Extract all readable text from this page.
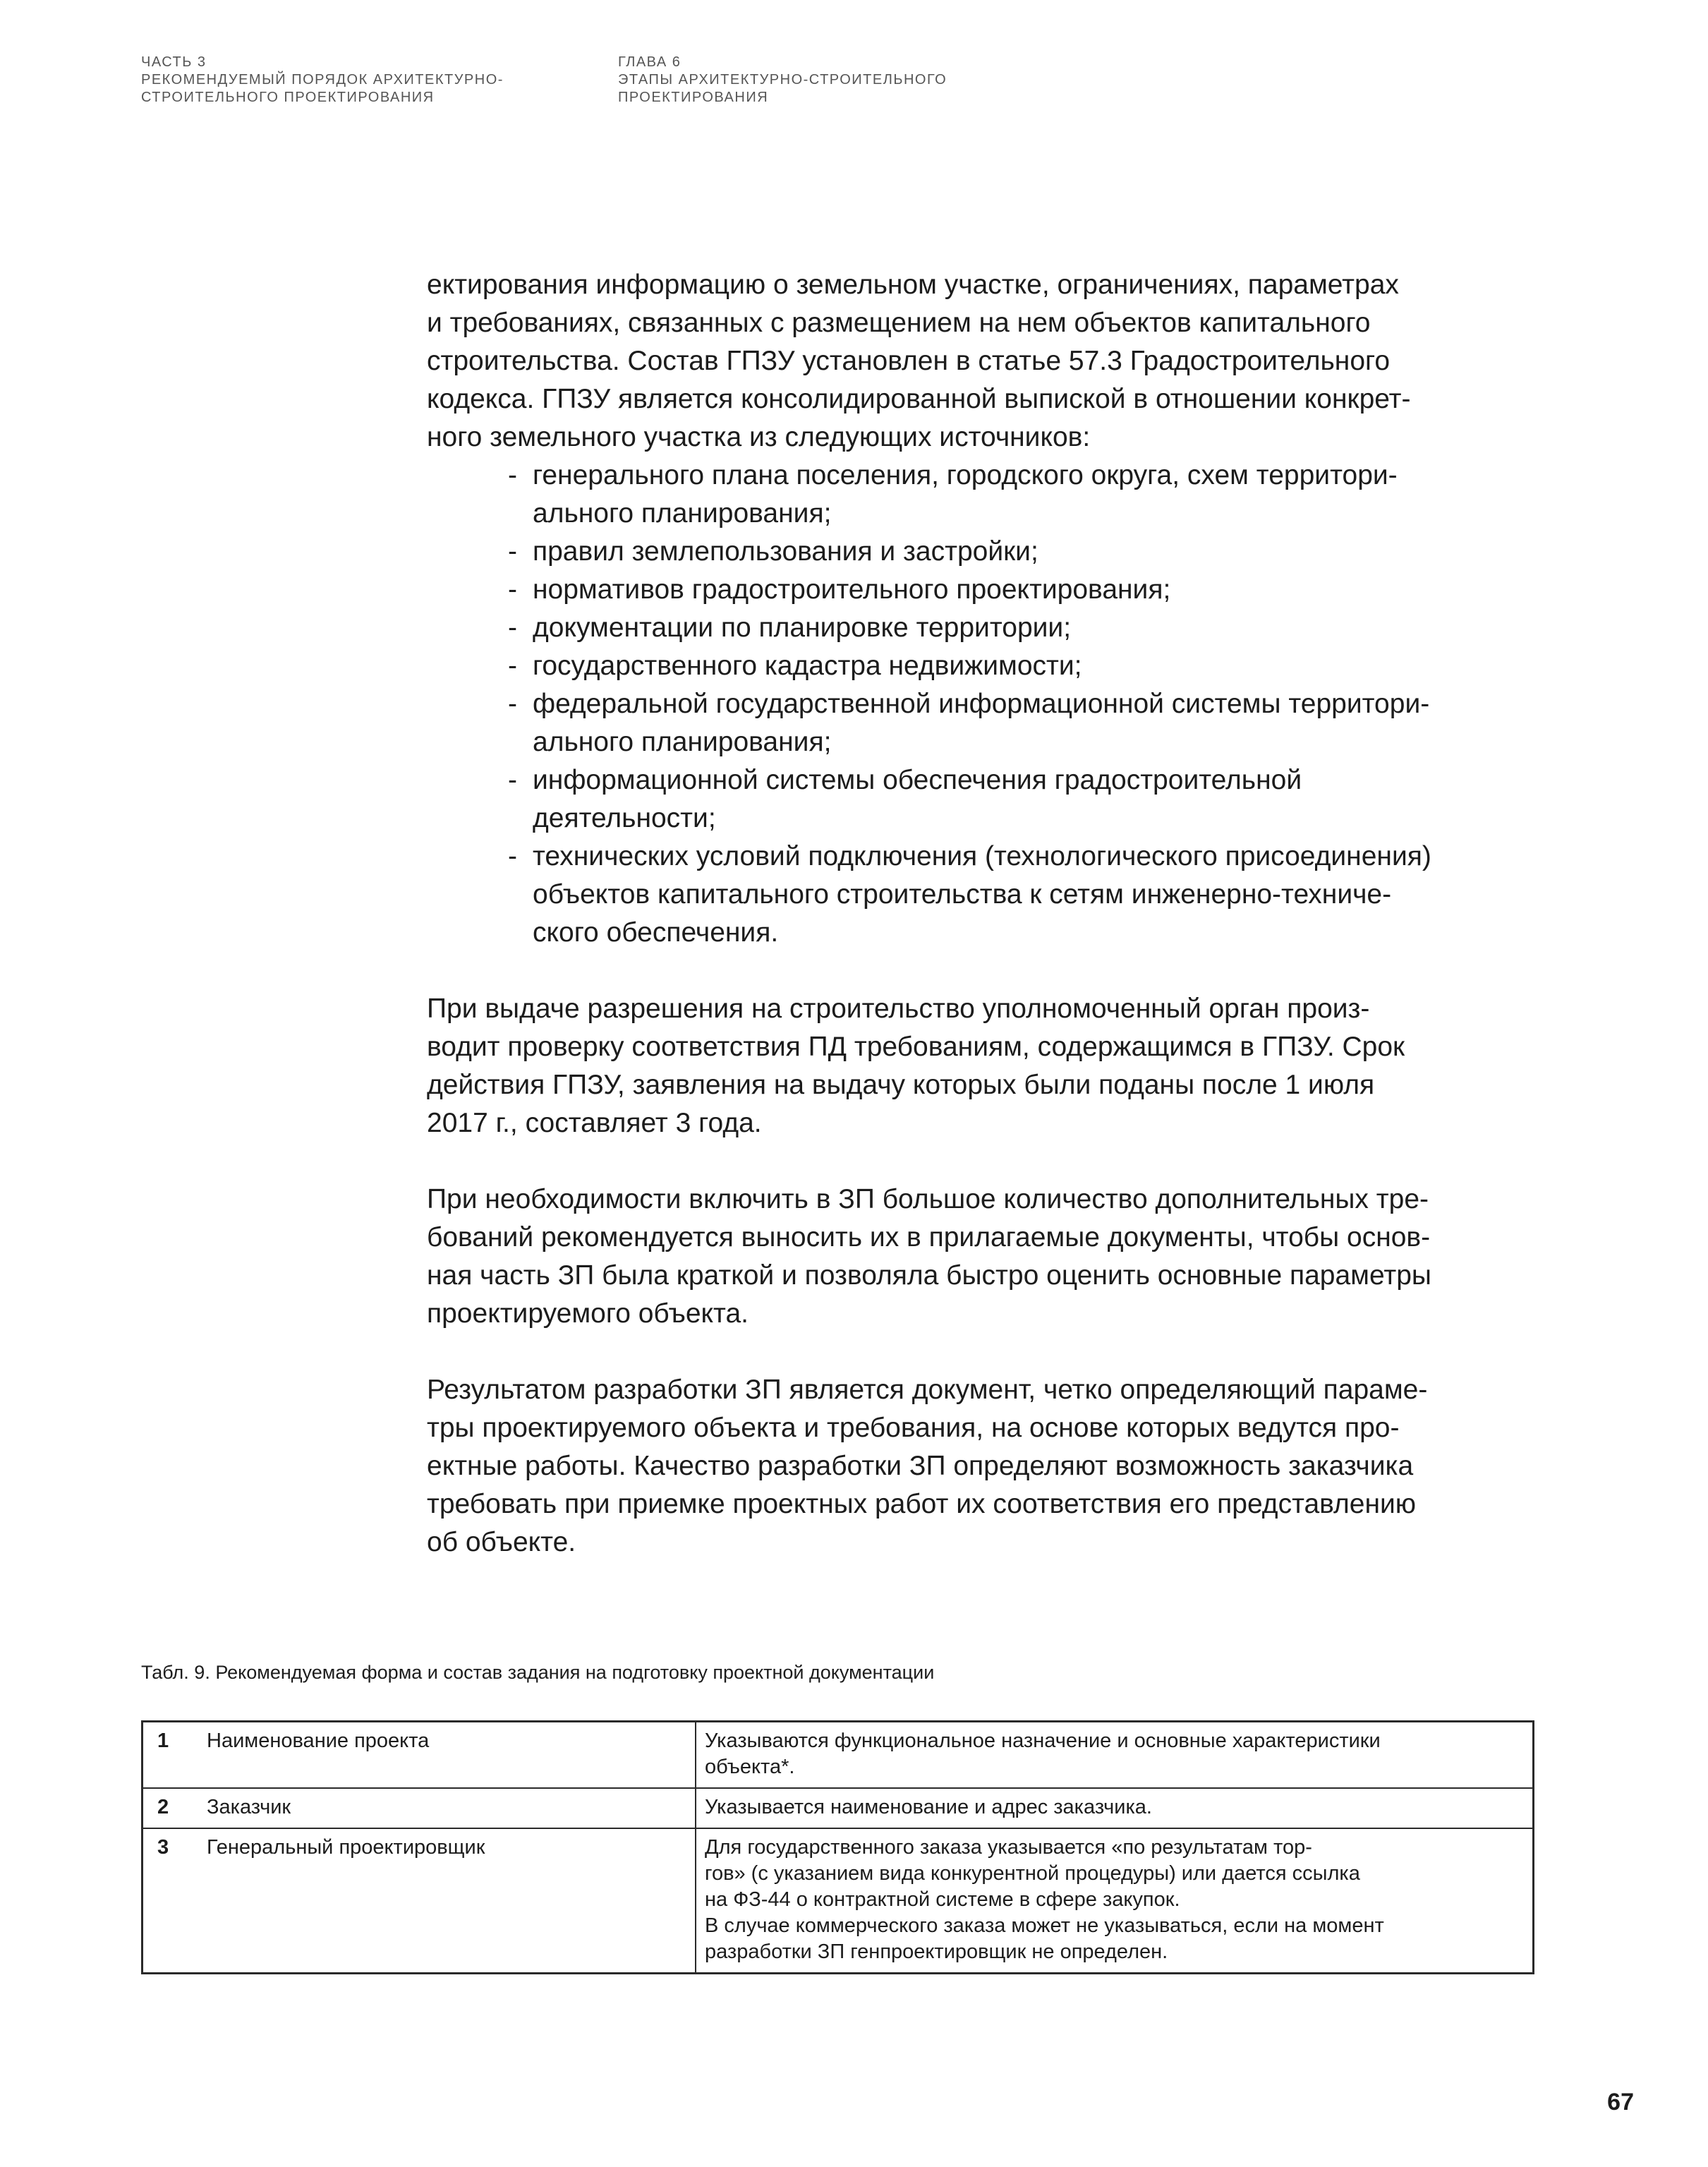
ЧАСТЬ 3
РЕКОМЕНДУЕМЫЙ ПОРЯДОК АРХИТЕКТУРНО-
СТРОИТЕЛЬНОГО ПРОЕКТИРОВАНИЯ
ГЛАВА 6
ЭТАПЫ АРХИТЕКТУРНО-СТРОИТЕЛЬНОГО
ПРОЕКТИРОВАНИЯ
ектирования информацию о земельном участке, ограничениях, параметрах
и требованиях, связанных с размещением на нем объектов капитального
строительства. Состав ГПЗУ установлен в статье 57.3 Градостроительного
кодекса. ГПЗУ является консолидированной выпиской в отношении конкрет-
ного земельного участка из следующих источников:
- генерального плана поселения, городского округа, схем территори-
ального планирования;
- правил землепользования и застройки;
- нормативов градостроительного проектирования;
- документации по планировке территории;
- государственного кадастра недвижимости;
- федеральной государственной информационной системы территори-
ального планирования;
- информационной системы обеспечения градостроительной
деятельности;
- технических условий подключения (технологического присоединения)
объектов капитального строительства к сетям инженерно-техниче-
ского обеспечения.
При выдаче разрешения на строительство уполномоченный орган произ-
водит проверку соответствия ПД требованиям, содержащимся в ГПЗУ. Срок
действия ГПЗУ, заявления на выдачу которых были поданы после 1 июля
2017 г., составляет 3 года.
При необходимости включить в ЗП большое количество дополнительных тре-
бований рекомендуется выносить их в прилагаемые документы, чтобы основ-
ная часть ЗП была краткой и позволяла быстро оценить основные параметры
проектируемого объекта.
Результатом разработки ЗП является документ, четко определяющий параме-
тры проектируемого объекта и требования, на основе которых ведутся про-
ектные работы. Качество разработки ЗП определяют возможность заказчика
требовать при приемке проектных работ их соответствия его представлению
об объекте.
Табл. 9. Рекомендуемая форма и состав задания на подготовку проектной документации
1	Наименование проекта	Указываются функциональное назначение и основные характеристики
объекта*.

2	Заказчик	Указывается наименование и адрес заказчика.

3	Генеральный проектировщик	Для государственного заказа указывается «по результатам тор-
гов» (с указанием вида конкурентной процедуры) или дается ссылка
на ФЗ-44 о контрактной системе в сфере закупок.
В случае коммерческого заказа может не указываться, если на момент
разработки ЗП генпроектировщик не определен.
67
